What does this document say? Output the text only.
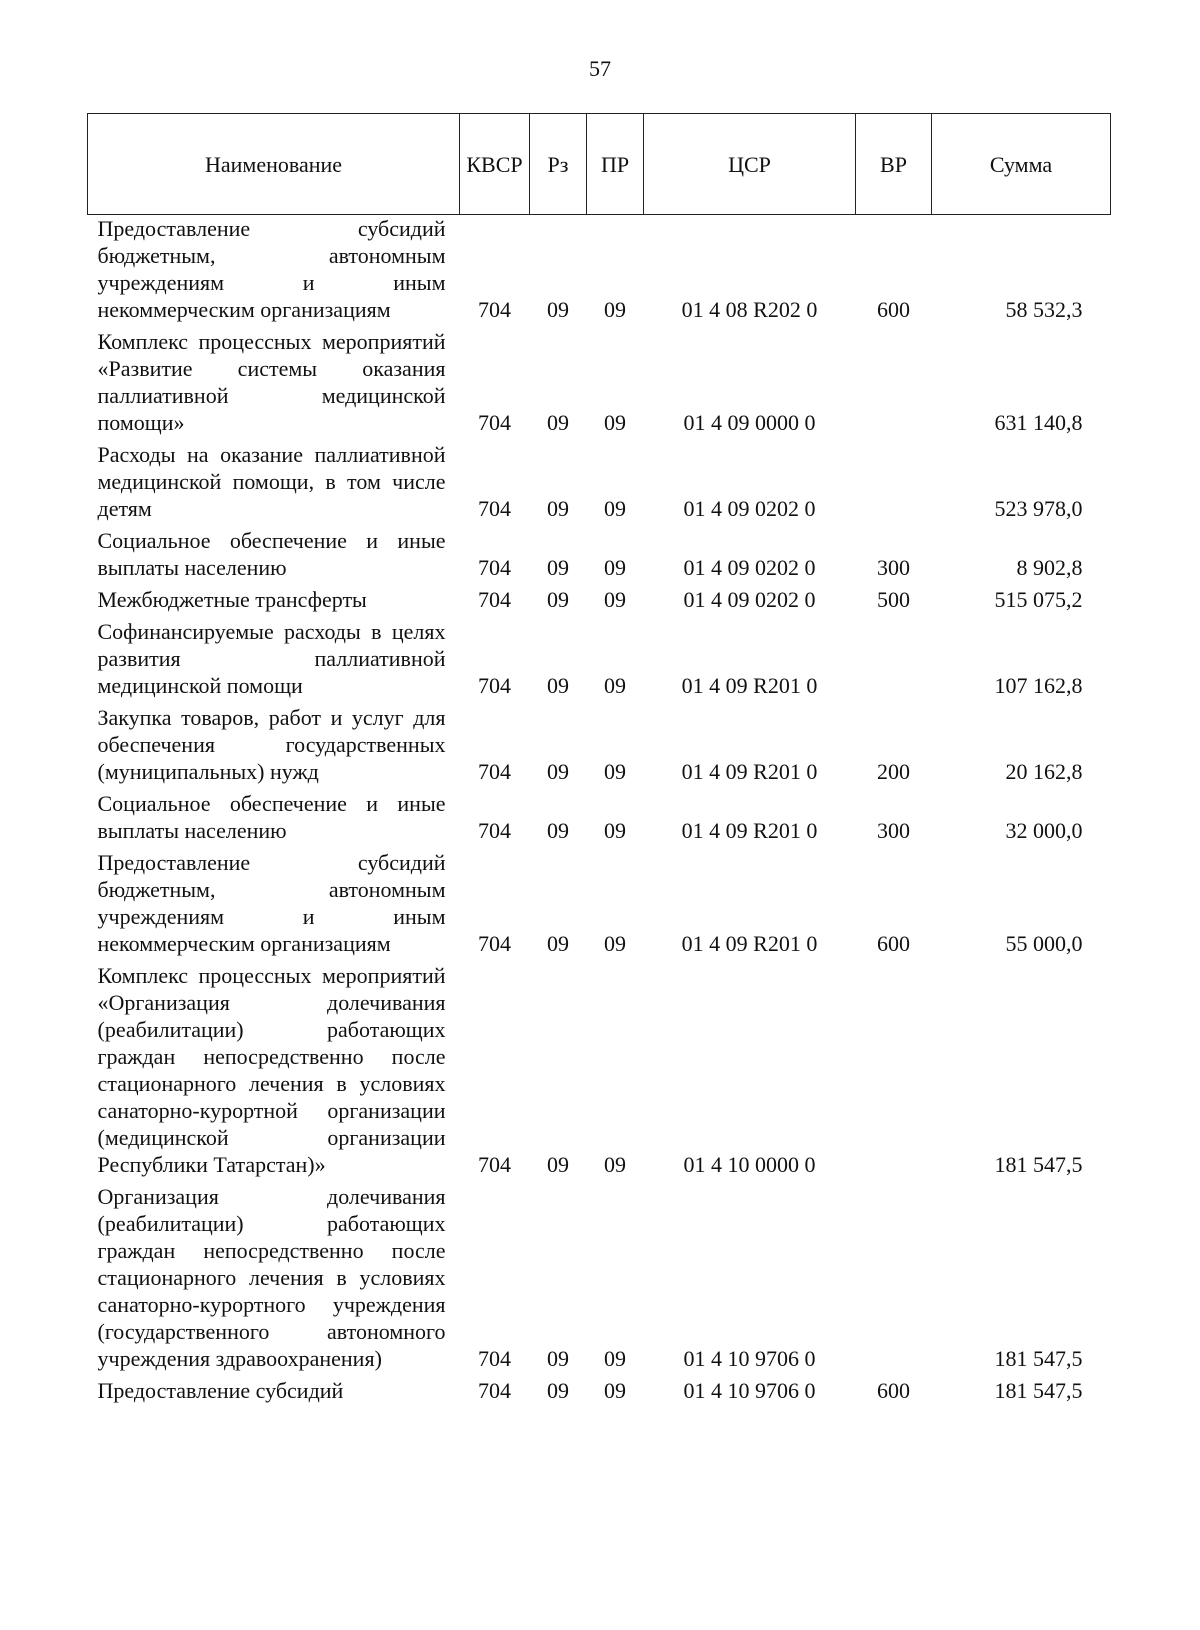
57
Наименование	КВСР	Рз	ПР	ЦСР	ВР	Сумма
Предоставление субсидий бюджетным, автономным учреждениям и иным некоммерческим организациям	704	09	09	01 4 08 R202 0	600	58 532,3
Комплекс процессных мероприятий «Развитие системы оказания паллиативной медицинской помощи»	704	09	09	01 4 09 0000 0		631 140,8
Расходы на оказание паллиативной медицинской помощи, в том числе детям	704	09	09	01 4 09 0202 0		523 978,0
Социальное обеспечение и иные выплаты населению	704	09	09	01 4 09 0202 0	300	8 902,8
Межбюджетные трансферты	704	09	09	01 4 09 0202 0	500	515 075,2
Софинансируемые расходы в целях развития паллиативной медицинской помощи	704	09	09	01 4 09 R201 0		107 162,8
Закупка товаров, работ и услуг для обеспечения государственных (муниципальных) нужд	704	09	09	01 4 09 R201 0	200	20 162,8
Социальное обеспечение и иные выплаты населению	704	09	09	01 4 09 R201 0	300	32 000,0
Предоставление субсидий бюджетным, автономным учреждениям и иным некоммерческим организациям	704	09	09	01 4 09 R201 0	600	55 000,0
Комплекс процессных мероприятий «Организация долечивания (реабилитации) работающих граждан непосредственно после стационарного лечения в условиях санаторно-курортной организации (медицинской организации Республики Татарстан)»	704	09	09	01 4 10 0000 0		181 547,5
Организация долечивания (реабилитации) работающих граждан непосредственно после стационарного лечения в условиях санаторно-курортного учреждения (государственного автономного учреждения здравоохранения)	704	09	09	01 4 10 9706 0		181 547,5
Предоставление субсидий	704	09	09	01 4 10 9706 0	600	181 547,5
